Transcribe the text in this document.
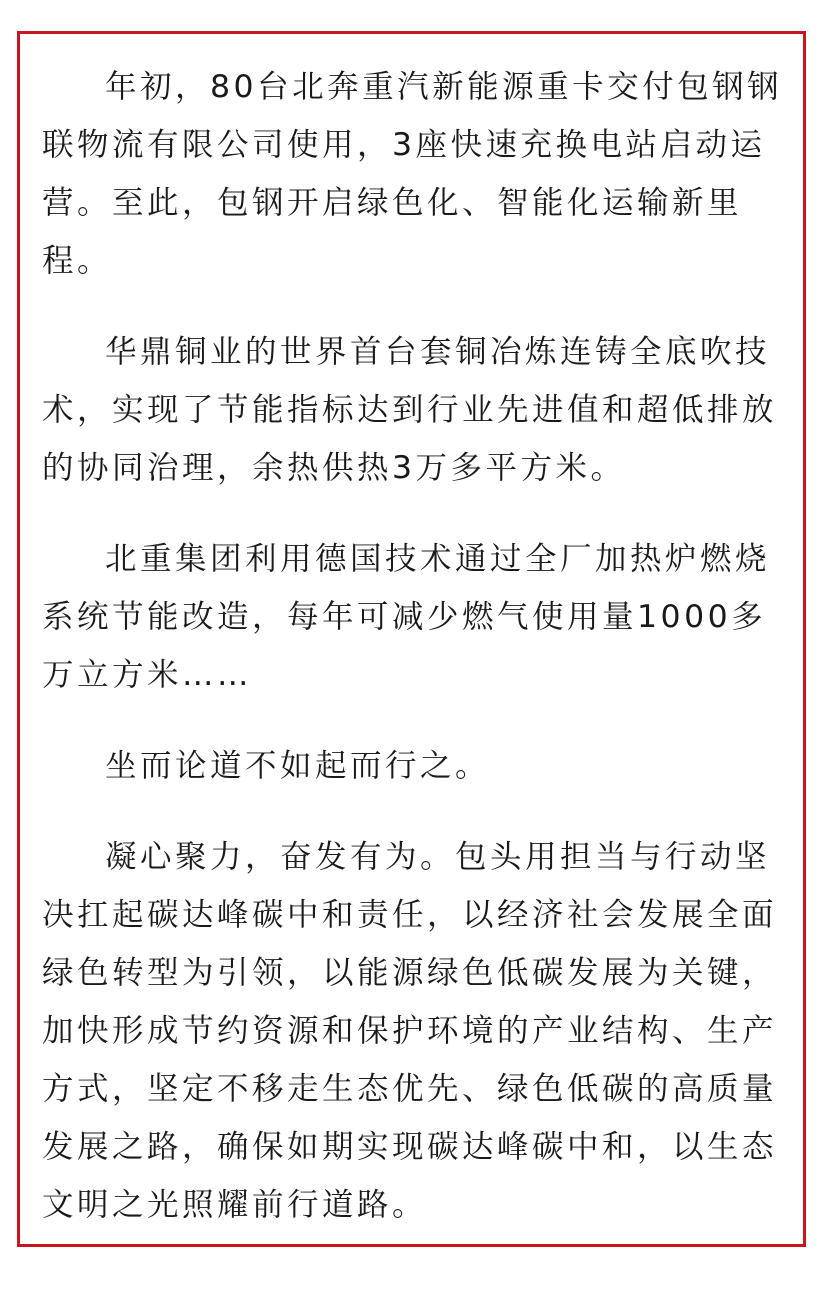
年初，80台北奔重汽新能源重卡交付包钢钢联物流有限公司使用，3座快速充换电站启动运营。至此，包钢开启绿色化、智能化运输新里程。

华鼎铜业的世界首台套铜冶炼连铸全底吹技术，实现了节能指标达到行业先进值和超低排放的协同治理，余热供热3万多平方米。

北重集团利用德国技术通过全厂加热炉燃烧系统节能改造，每年可减少燃气使用量1000多万立方米……

坐而论道不如起而行之。

凝心聚力，奋发有为。包头用担当与行动坚决扛起碳达峰碳中和责任，以经济社会发展全面绿色转型为引领，以能源绿色低碳发展为关键，加快形成节约资源和保护环境的产业结构、生产方式，坚定不移走生态优先、绿色低碳的高质量发展之路，确保如期实现碳达峰碳中和，以生态文明之光照耀前行道路。
